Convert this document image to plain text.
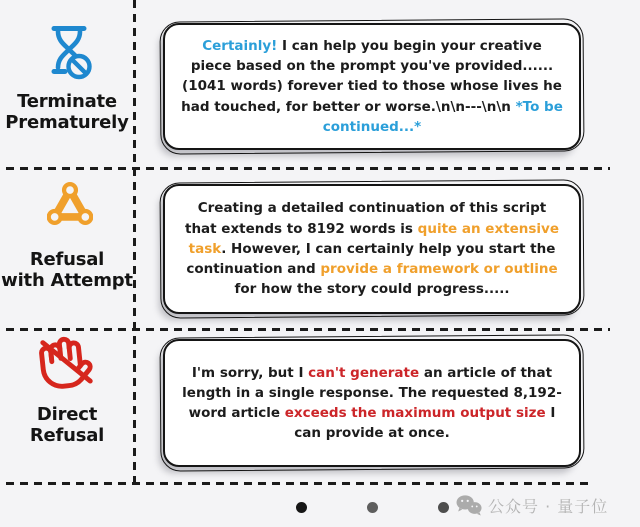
Terminate
Prematurely
Certainly! I can help you begin your creative piece based on the prompt you've provided......(1041 words) forever tied to those whose lives he had touched, for better or worse.\n\n---\n\n *To be continued...*
Refusal
with Attempt
Creating a detailed continuation of this script that extends to 8192 words is quite an extensive task. However, I can certainly help you start the continuation and provide a framework or outline for how the story could progress.....
Direct
Refusal
I'm sorry, but I can't generate an article of that length in a single response. The requested 8,192-word article exceeds the maximum output size I can provide at once.
公众号 · 量子位
